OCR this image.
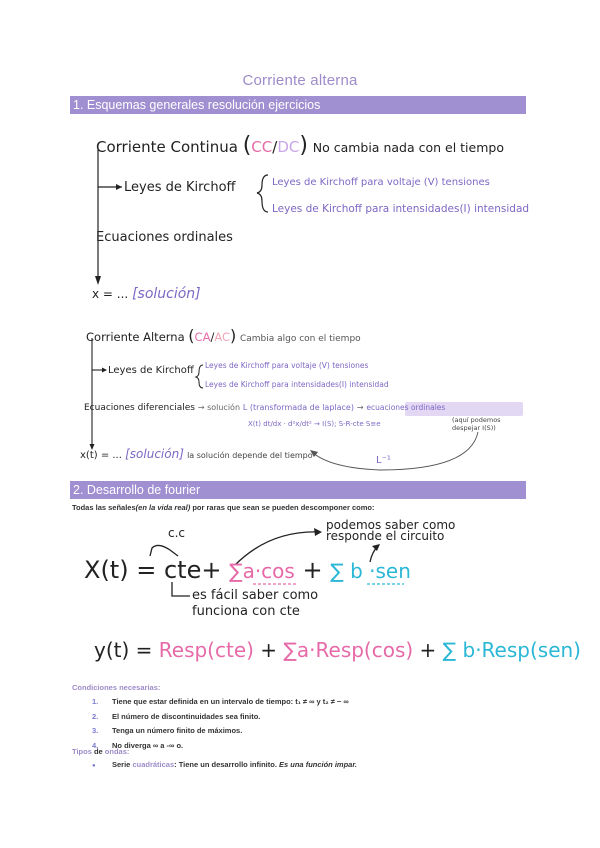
Corriente alterna
1. Esquemas generales resolución ejercicios
Corriente Continua (CC/DC) No cambia nada con el tiempo
Leyes de Kirchoff	Leyes de Kirchoff para voltaje (V) tensiones
Leyes de Kirchoff para intensidades(I) intensidad
Ecuaciones ordinales
x = ... [solución]
Corriente Alterna (CA/AC) Cambia algo con el tiempo
Leyes de Kirchoff Leyes de Kirchoff para voltaje (V) tensiones
Leyes de Kirchoff para intensidades(I) intensidad
Ecuaciones diferenciales → solución L (transformada de laplace) → ecuaciones ordinales
X(t) dt/dx · d²x/dt² → I(S); S-R-cte S≡e	(aquí podemos
despejar I(S))
x(t) = ... [solución] la solución depende del tiempo	L⁻¹
2. Desarrollo de fourier
Todas las señales(en la vida real) por raras que sean se pueden descomponer como:
c.c
podemos saber como
responde el circuito
X(t) = cte+ ∑a·cos + ∑ b ·sen
es fácil saber como
funciona con cte
y(t) = Resp(cte) + ∑a·Resp(cos) + ∑ b·Resp(sen)
Condiciones necesarias:
1. Tiene que estar definida en un intervalo de tiempo: t₁ ≠ ∞ y t₂ ≠ − ∞
2. El número de discontinuidades sea finito.
3. Tenga un número finito de máximos.
4. No diverga ∞ a -∞ o.
Tipos de ondas:
● Serie cuadráticas: Tiene un desarrollo infinito. Es una función impar.
